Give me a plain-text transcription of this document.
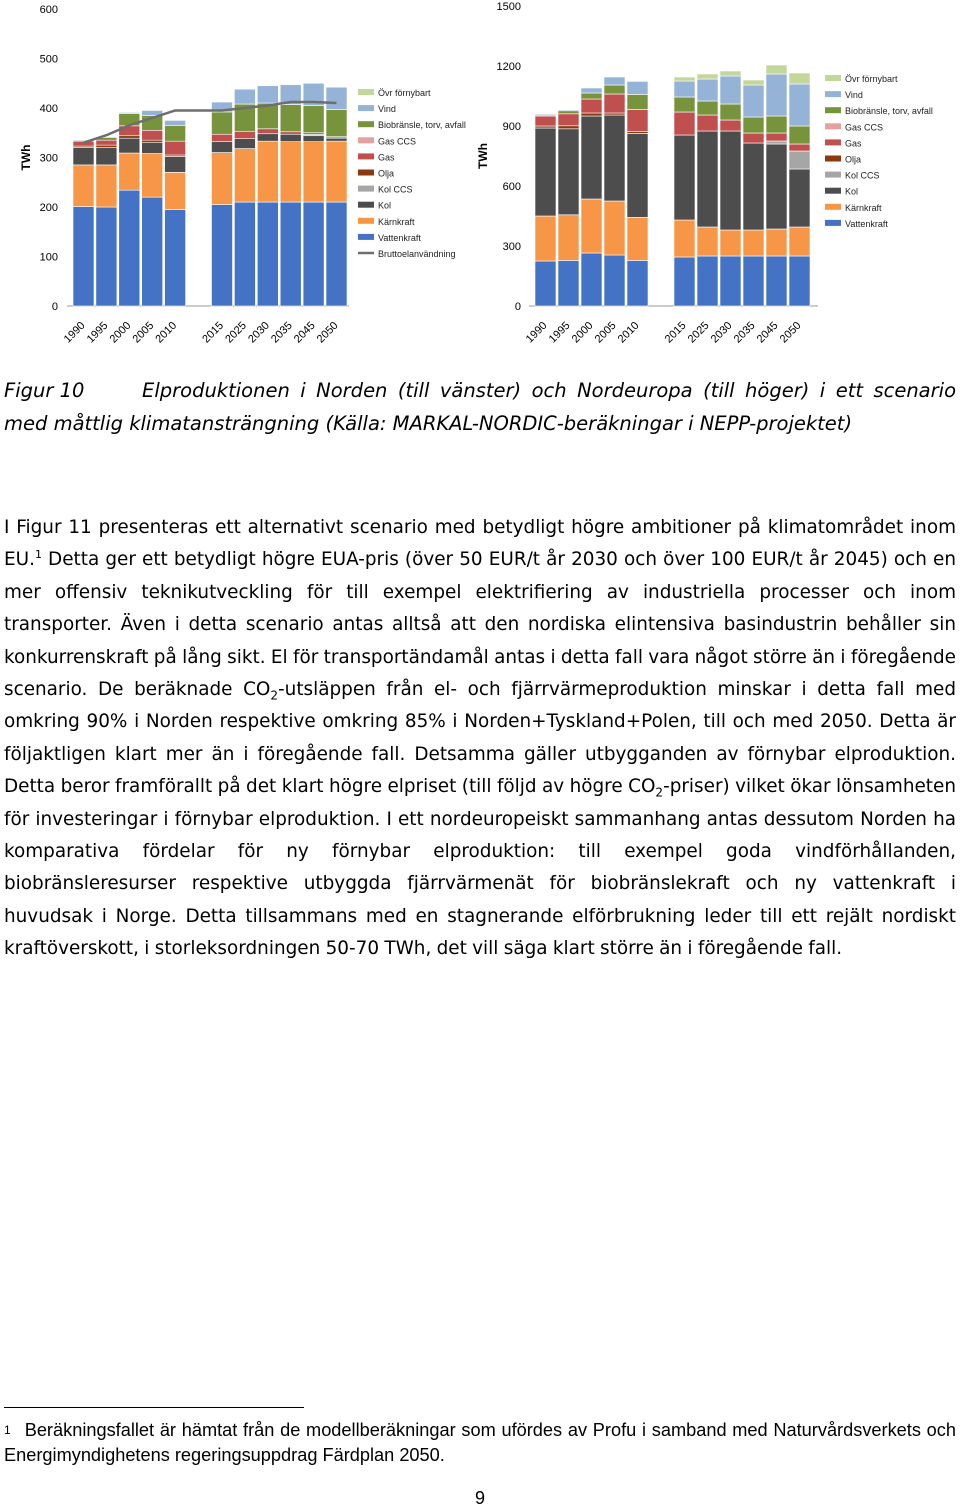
TWh
0
100
200
300
400
500
600
1990
1995
2000
2005
2010 2015
2025
2030
2035
2045
2050
Övr förnybart
Vind
Biobränsle, torv, avfall
Gas CCS
Gas
Olja
Kol CCS
Kol
Kärnkraft
Vattenkraft
Bruttoelanvändning
TWh
0
300
600
900
1200
1500
1990
1995
2000
2005
2010 2015
2025
2030
2035
2045
2050
Övr förnybart
Vind
Biobränsle, torv, avfall
Gas CCS
Gas
Olja
Kol CCS
Kol
Kärnkraft
Vattenkraft
Figur 10	Elproduktionen i Norden (till vänster) och Nordeuropa (till höger) i ett scenario med måttlig klimatansträngning (Källa: MARKAL-NORDIC-beräkningar i NEPP-projektet)
I Figur 11 presenteras ett alternativt scenario med betydligt högre ambitioner på klimatområdet inom EU.$^1$ Detta ger ett betydligt högre EUA-pris (över 50 EUR/t år 2030 och över 100 EUR/t år 2045) och en mer offensiv teknikutveckling för till exempel elektrifiering av industriella processer och inom transporter. Även i detta scenario antas alltså att den nordiska elintensiva basindustrin behåller sin konkurrenskraft på lång sikt. El för transportändamål antas i detta fall vara något större än i föregående scenario. De beräknade $CO_2$-utsläppen från el- och fjärrvärmeproduktion minskar i detta fall med omkring 90% i Norden respektive omkring 85% i Norden+Tyskland+Polen, till och med 2050. Detta är följaktligen klart mer än i föregående fall. Detsamma gäller utbygganden av förnybar elproduktion. Detta beror framförallt på det klart högre elpriset (till följd av högre $CO_2-priser$) vilket ökar lönsamheten för investeringar i förnybar elproduktion. I ett nordeuropeiskt sammanhang antas dessutom Norden ha komparativa fördelar för ny förnybar elproduktion: till exempel goda vindförhållanden, biobränsleresurser respektive utbyggda fjärrvärmenät för biobränslekraft och ny vattenkraft i huvudsak i Norge. Detta tillsammans med en stagnerande elförbrukning leder till ett rejält nordiskt kraftöverskott, i storleksordningen 50-70 TWh, det vill säga klart större än i föregående fall.
$^1$ Beräkningsfallet är hämtat från de modellberäkningar som ufördes av Profu i samband med Naturvårdsverkets och Energimyndighetens regeringsuppdrag Färdplan 2050.
9
